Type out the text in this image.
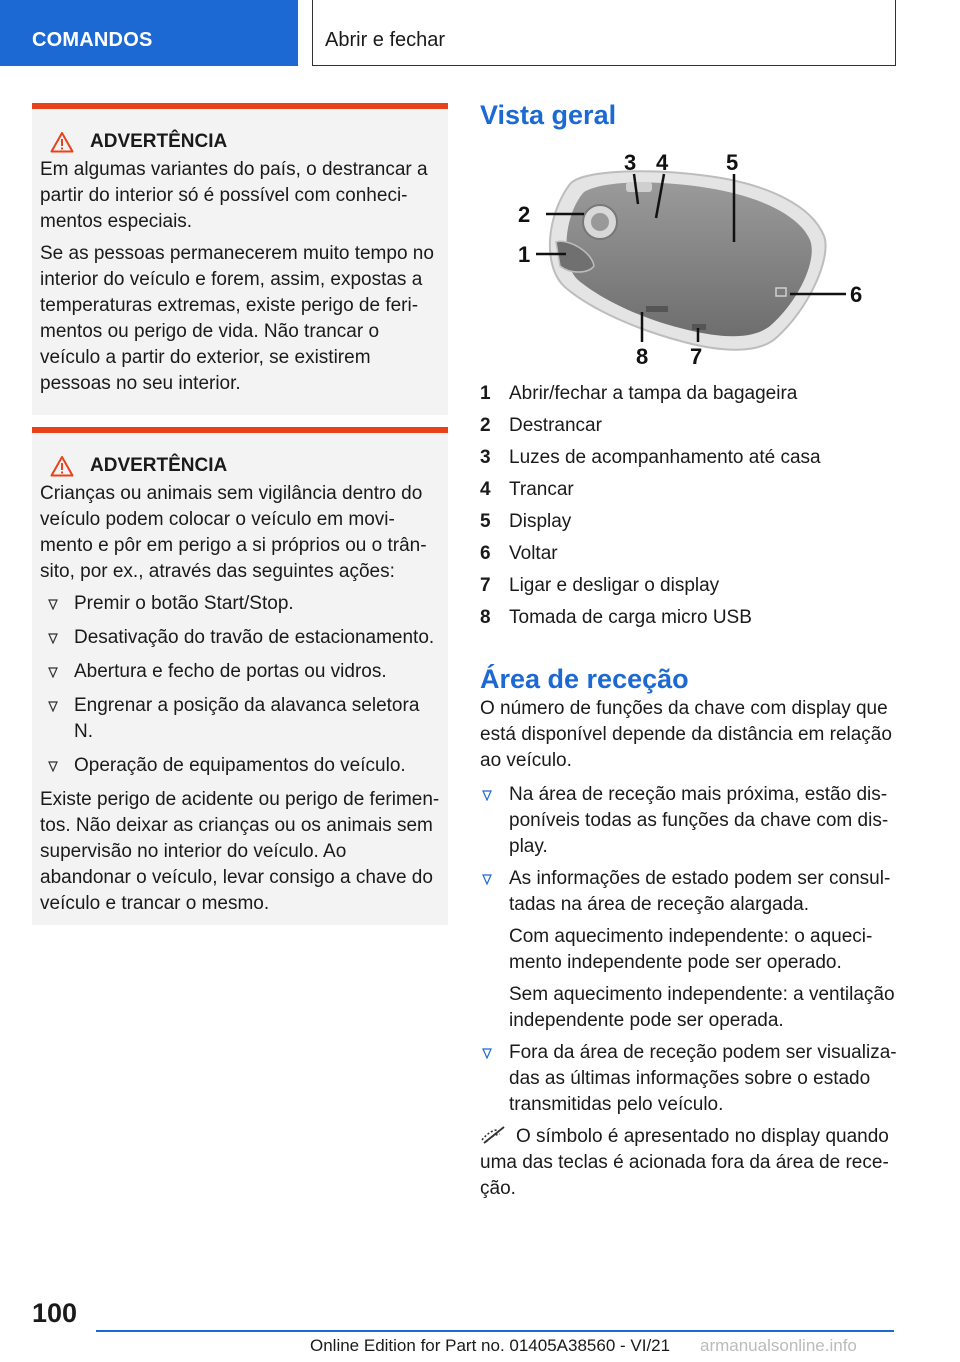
COMANDOS	Abrir e fechar
ADVERTÊNCIA

Em algumas variantes do país, o destrancar a partir do interior só é possível com conhecimentos especiais.

Se as pessoas permanecerem muito tempo no interior do veículo e forem, assim, expostas a temperaturas extremas, existe perigo de ferimentos ou perigo de vida. Não trancar o veículo a partir do exterior, se existirem pessoas no seu interior.

ADVERTÊNCIA

Crianças ou animais sem vigilância dentro do veículo podem colocar o veículo em movimento e pôr em perigo a si próprios ou o trânsito, por ex., através das seguintes ações:

Premir o botão Start/Stop.
Desativação do travão de estacionamento.
Abertura e fecho de portas ou vidros.
Engrenar a posição da alavanca seletora N.
Operação de equipamentos do veículo.

Existe perigo de acidente ou perigo de ferimentos. Não deixar as crianças ou os animais sem supervisão no interior do veículo. Ao abandonar o veículo, levar consigo a chave do veículo e trancar o mesmo.

Vista geral
3 4	5
2
1
6
8 7
1 Abrir/fechar a tampa da bagageira
2 Destrancar
3 Luzes de acompanhamento até casa
4 Trancar
5 Display
6 Voltar
7 Ligar e desligar o display
8 Tomada de carga micro USB
Área de receção

O número de funções da chave com display que está disponível depende da distância em relação ao veículo.

Na área de receção mais próxima, estão disponíveis todas as funções da chave com display.

As informações de estado podem ser consultadas na área de receção alargada.

Com aquecimento independente: o aquecimento independente pode ser operado.

Sem aquecimento independente: a ventilação independente pode ser operada.

Fora da área de receção podem ser visualizadas as últimas informações sobre o estado transmitidas pelo veículo.

O símbolo é apresentado no display quando uma das teclas é acionada fora da área de receção.

100
Online Edition for Part no. 01405A38560 - VI/21 armanualsonline.info
